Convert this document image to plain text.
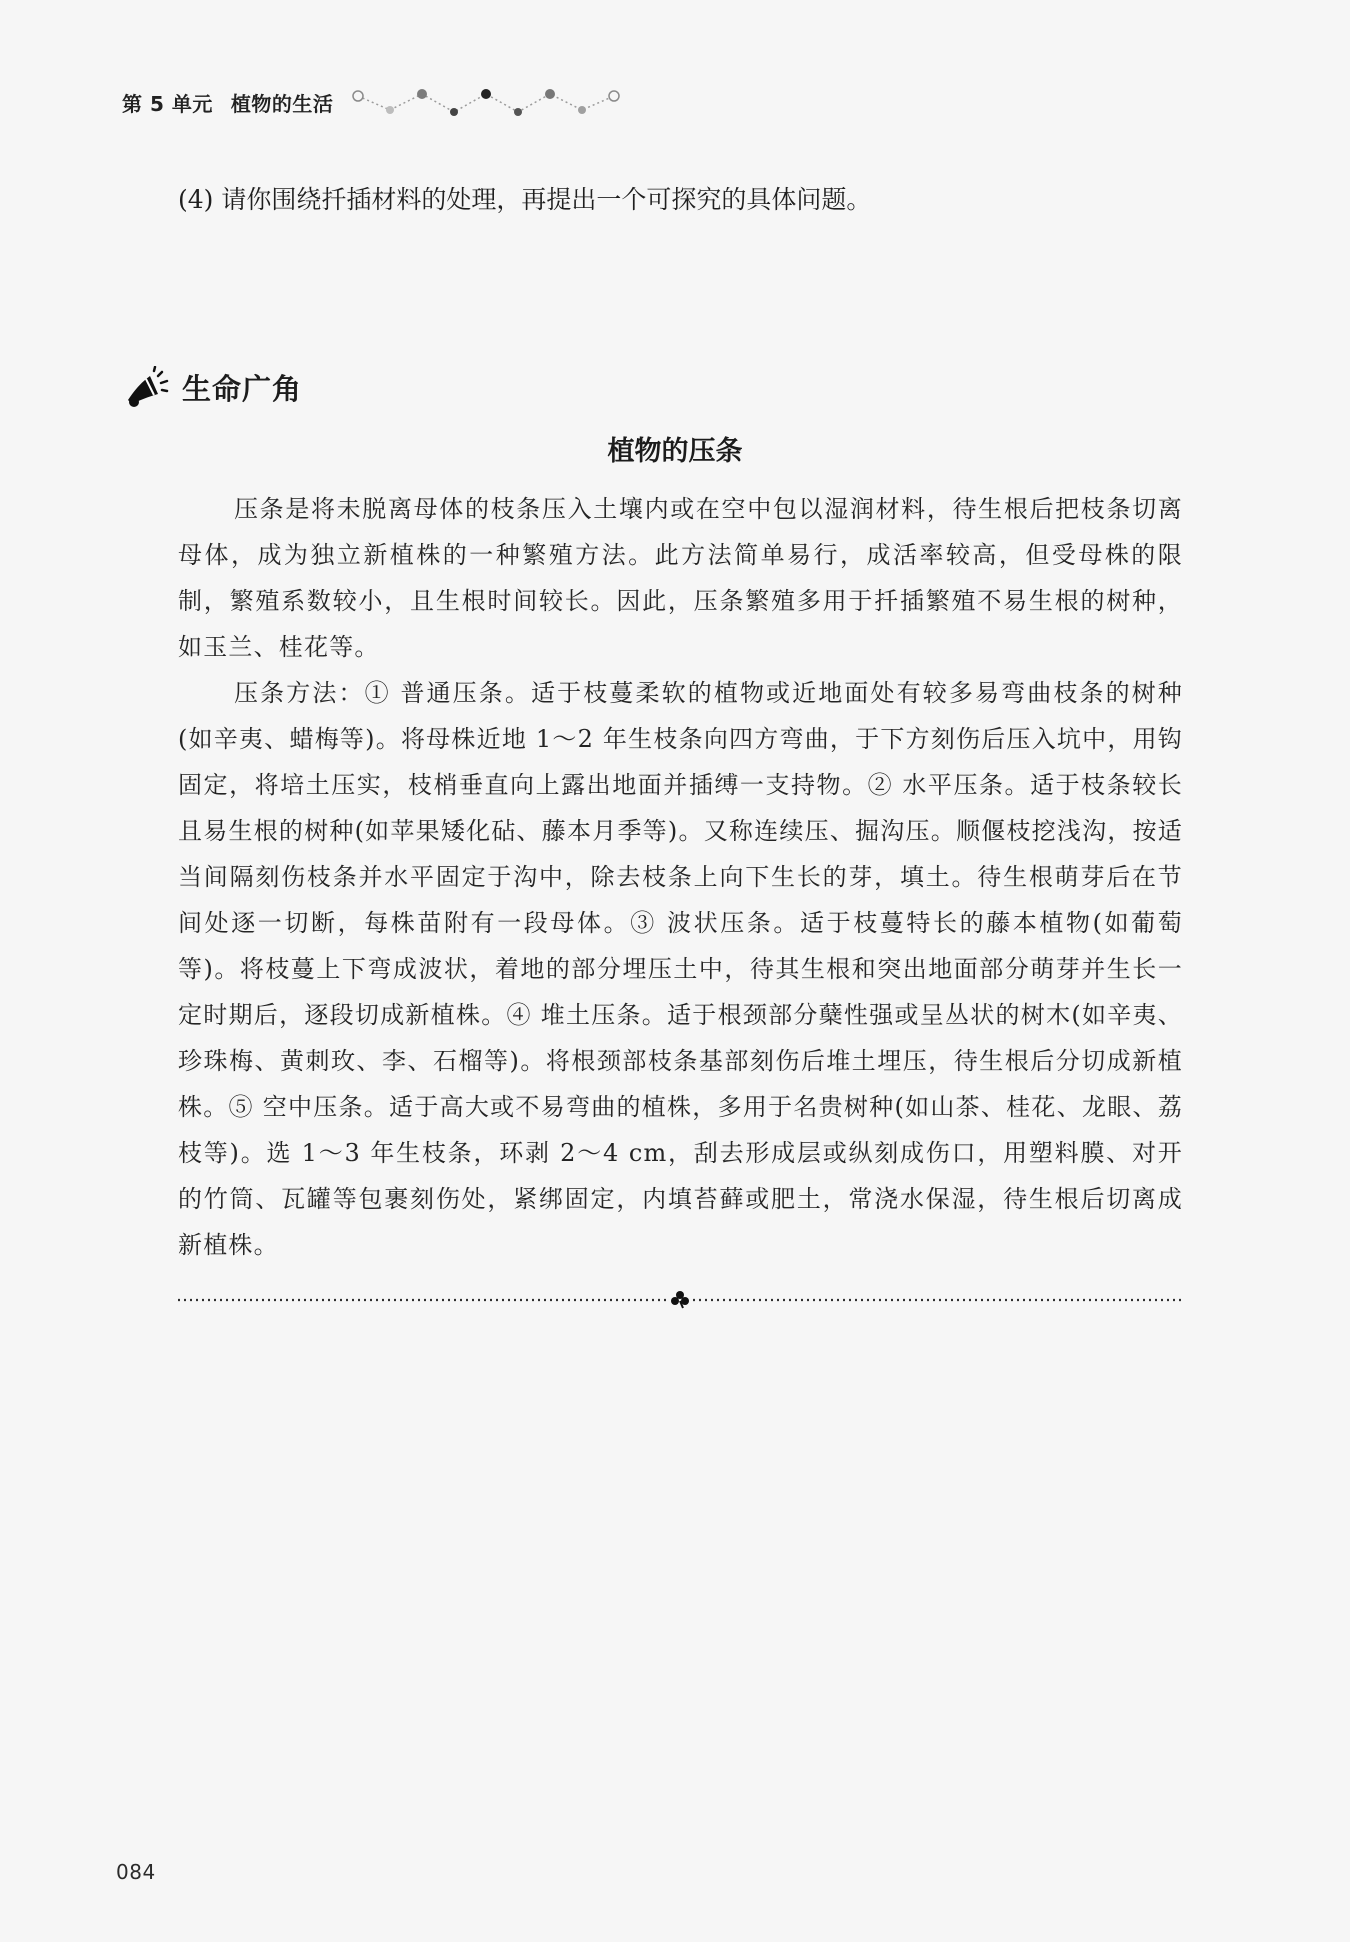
第 5 单元 植物的生活
(4) 请你围绕扦插材料的处理，再提出一个可探究的具体问题。
生命广角
植物的压条

压条是将未脱离母体的枝条压入土壤内或在空中包以湿润材料，待生根后把枝条切离母体，成为独立新植株的一种繁殖方法。此方法简单易行，成活率较高，但受母株的限制，繁殖系数较小，且生根时间较长。因此，压条繁殖多用于扦插繁殖不易生根的树种，如玉兰、桂花等。

压条方法：① 普通压条。适于枝蔓柔软的植物或近地面处有较多易弯曲枝条的树种(如辛夷、蜡梅等)。将母株近地 1～2 年生枝条向四方弯曲，于下方刻伤后压入坑中，用钩固定，将培土压实，枝梢垂直向上露出地面并插缚一支持物。② 水平压条。适于枝条较长且易生根的树种(如苹果矮化砧、藤本月季等)。又称连续压、掘沟压。顺偃枝挖浅沟，按适当间隔刻伤枝条并水平固定于沟中，除去枝条上向下生长的芽，填土。待生根萌芽后在节间处逐一切断，每株苗附有一段母体。③ 波状压条。适于枝蔓特长的藤本植物(如葡萄等)。将枝蔓上下弯成波状，着地的部分埋压土中，待其生根和突出地面部分萌芽并生长一定时期后，逐段切成新植株。④ 堆土压条。适于根颈部分蘖性强或呈丛状的树木(如辛夷、珍珠梅、黄刺玫、李、石榴等)。将根颈部枝条基部刻伤后堆土埋压，待生根后分切成新植株。⑤ 空中压条。适于高大或不易弯曲的植株，多用于名贵树种(如山茶、桂花、龙眼、荔枝等)。选 1～3 年生枝条，环剥 2～4 cm，刮去形成层或纵刻成伤口，用塑料膜、对开的竹筒、瓦罐等包裹刻伤处，紧绑固定，内填苔藓或肥土，常浇水保湿，待生根后切离成新植株。

084
